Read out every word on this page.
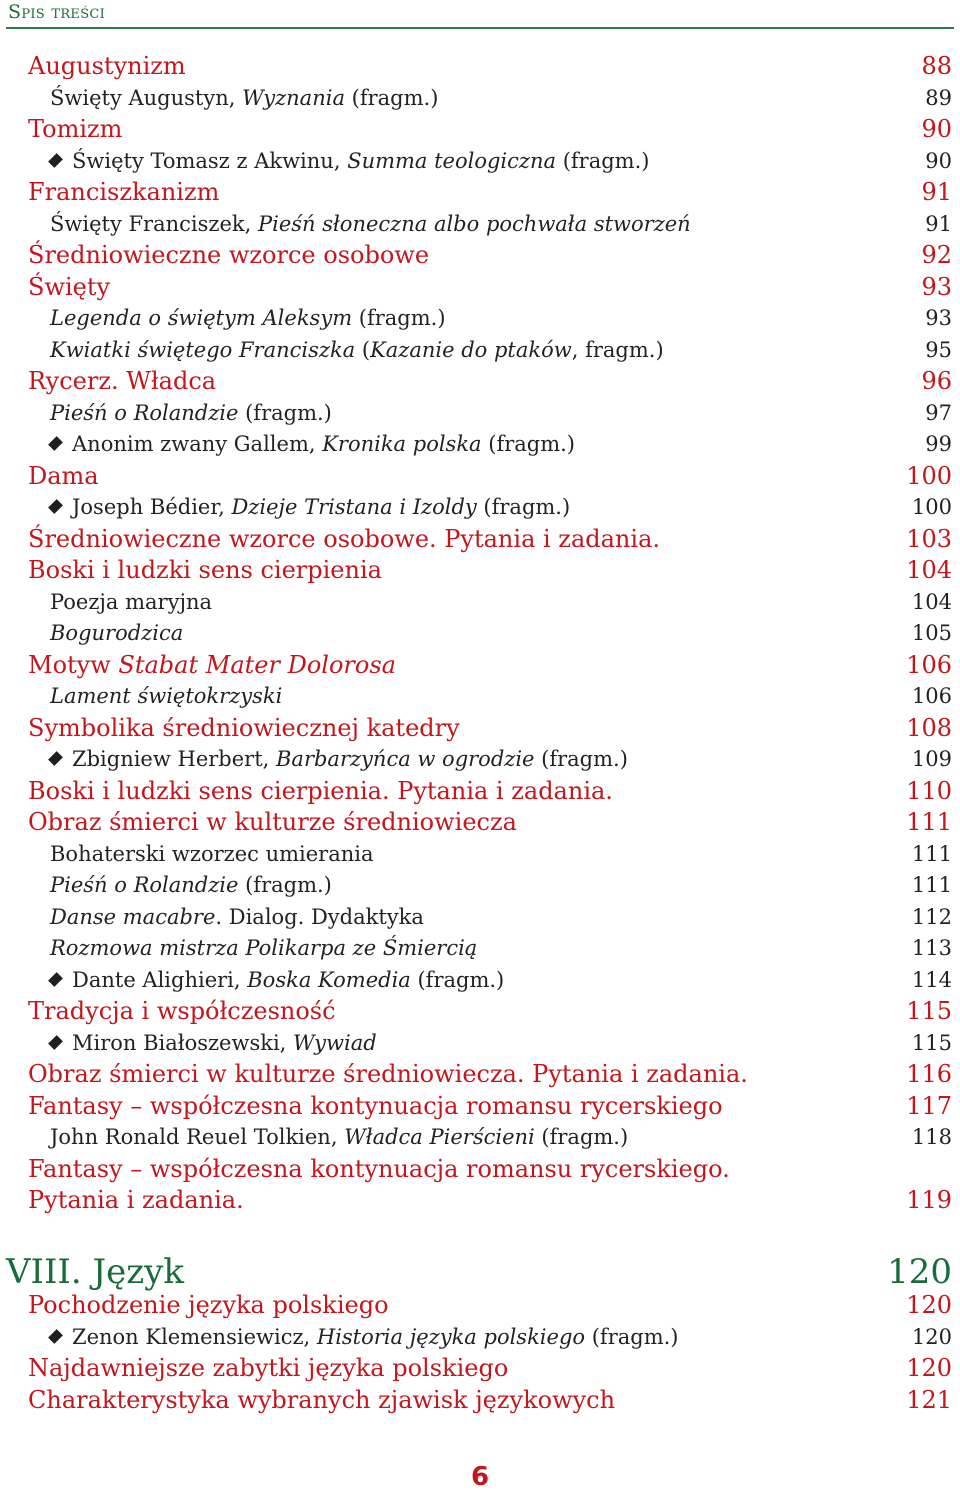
Spis treści
Augustynizm	88
Święty Augustyn, Wyznania (fragm.)	89
Tomizm	90
Święty Tomasz z Akwinu, Summa teologiczna (fragm.)	90
Franciszkanizm	91
Święty Franciszek, Pieśń słoneczna albo pochwała stworzeń	91
Średniowieczne wzorce osobowe	92
Święty	93
Legenda o świętym Aleksym (fragm.)	93
Kwiatki świętego Franciszka (Kazanie do ptaków, fragm.)	95
Rycerz. Władca	96
Pieśń o Rolandzie (fragm.)	97
Anonim zwany Gallem, Kronika polska (fragm.)	99
Dama	100
Joseph Bédier, Dzieje Tristana i Izoldy (fragm.)	100
Średniowieczne wzorce osobowe. Pytania i zadania.	103
Boski i ludzki sens cierpienia	104
Poezja maryjna	104
Bogurodzica	105
Motyw Stabat Mater Dolorosa	106
Lament świętokrzyski	106
Symbolika średniowiecznej katedry	108
Zbigniew Herbert, Barbarzyńca w ogrodzie (fragm.)	109
Boski i ludzki sens cierpienia. Pytania i zadania.	110
Obraz śmierci w kulturze średniowiecza	111
Bohaterski wzorzec umierania	111
Pieśń o Rolandzie (fragm.)	111
Danse macabre. Dialog. Dydaktyka	112
Rozmowa mistrza Polikarpa ze Śmiercią	113
Dante Alighieri, Boska Komedia (fragm.)	114
Tradycja i współczesność	115
Miron Białoszewski, Wywiad	115
Obraz śmierci w kulturze średniowiecza. Pytania i zadania.	116
Fantasy – współczesna kontynuacja romansu rycerskiego	117
John Ronald Reuel Tolkien, Władca Pierścieni (fragm.)	118
Fantasy – współczesna kontynuacja romansu rycerskiego.
Pytania i zadania.	119
VIII. Język	120
Pochodzenie języka polskiego	120
Zenon Klemensiewicz, Historia języka polskiego (fragm.)	120
Najdawniejsze zabytki języka polskiego	120
Charakterystyka wybranych zjawisk językowych	121
6
